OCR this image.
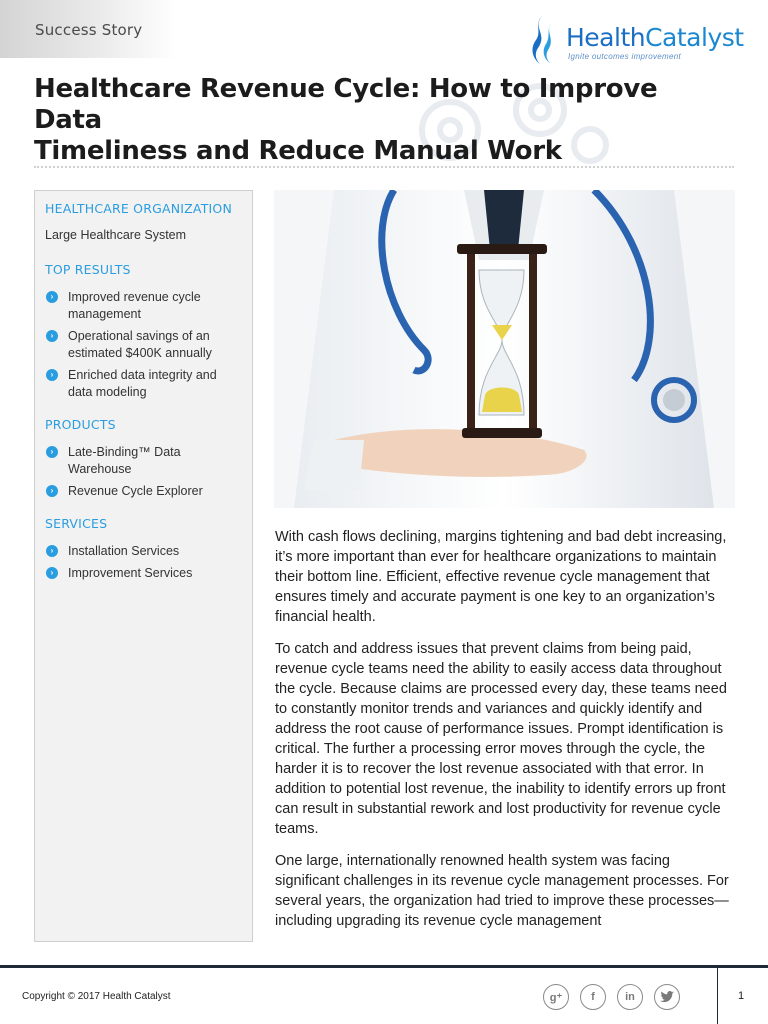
Success Story	HealthCatalyst
Ignite outcomes improvement
Healthcare Revenue Cycle: How to Improve Data
Timeliness and Reduce Manual Work
HEALTHCARE ORGANIZATION
Large Healthcare System
TOP RESULTS
›	Improved revenue cycle management
›	Operational savings of an estimated $400K annually
›	Enriched data integrity and data modeling
PRODUCTS
›	Late-Binding™ Data Warehouse
›	Revenue Cycle Explorer
SERVICES
›	Installation Services
›	Improvement Services

With cash flows declining, margins tightening and bad debt increasing, it’s more important than ever for healthcare organizations to maintain their bottom line. Efficient, effective revenue cycle management that ensures timely and accurate payment is one key to an organization’s financial health.

To catch and address issues that prevent claims from being paid, revenue cycle teams need the ability to easily access data throughout the cycle. Because claims are processed every day, these teams need to constantly monitor trends and variances and quickly identify and address the root cause of performance issues. Prompt identification is critical. The further a processing error moves through the cycle, the harder it is to recover the lost revenue associated with that error. In addition to potential lost revenue, the inability to identify errors up front can result in substantial rework and lost productivity for revenue cycle teams.

One large, internationally renowned health system was facing significant challenges in its revenue cycle management processes. For several years, the organization had tried to improve these processes—including upgrading its revenue cycle management

Copyright © 2017 Health Catalyst	g⁺	f	in	1
